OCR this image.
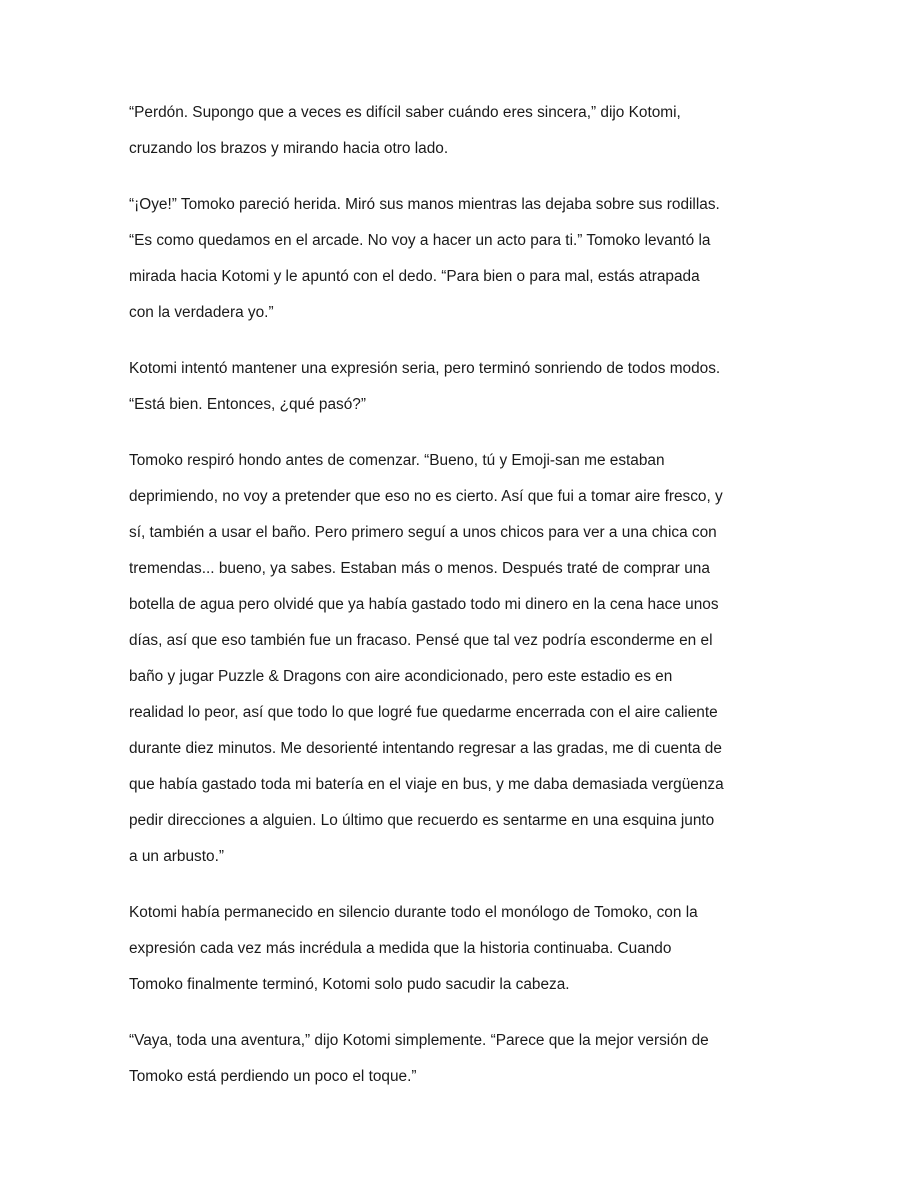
“Perdón. Supongo que a veces es difícil saber cuándo eres sincera,” dijo Kotomi,
cruzando los brazos y mirando hacia otro lado.

“¡Oye!” Tomoko pareció herida. Miró sus manos mientras las dejaba sobre sus rodillas.
“Es como quedamos en el arcade. No voy a hacer un acto para ti.” Tomoko levantó la
mirada hacia Kotomi y le apuntó con el dedo. “Para bien o para mal, estás atrapada
con la verdadera yo.”

Kotomi intentó mantener una expresión seria, pero terminó sonriendo de todos modos.
“Está bien. Entonces, ¿qué pasó?”

Tomoko respiró hondo antes de comenzar. “Bueno, tú y Emoji-san me estaban
deprimiendo, no voy a pretender que eso no es cierto. Así que fui a tomar aire fresco, y
sí, también a usar el baño. Pero primero seguí a unos chicos para ver a una chica con
tremendas... bueno, ya sabes. Estaban más o menos. Después traté de comprar una
botella de agua pero olvidé que ya había gastado todo mi dinero en la cena hace unos
días, así que eso también fue un fracaso. Pensé que tal vez podría esconderme en el
baño y jugar Puzzle & Dragons con aire acondicionado, pero este estadio es en
realidad lo peor, así que todo lo que logré fue quedarme encerrada con el aire caliente
durante diez minutos. Me desorienté intentando regresar a las gradas, me di cuenta de
que había gastado toda mi batería en el viaje en bus, y me daba demasiada vergüenza
pedir direcciones a alguien. Lo último que recuerdo es sentarme en una esquina junto
a un arbusto.”

Kotomi había permanecido en silencio durante todo el monólogo de Tomoko, con la
expresión cada vez más incrédula a medida que la historia continuaba. Cuando
Tomoko finalmente terminó, Kotomi solo pudo sacudir la cabeza.

“Vaya, toda una aventura,” dijo Kotomi simplemente. “Parece que la mejor versión de
Tomoko está perdiendo un poco el toque.”
